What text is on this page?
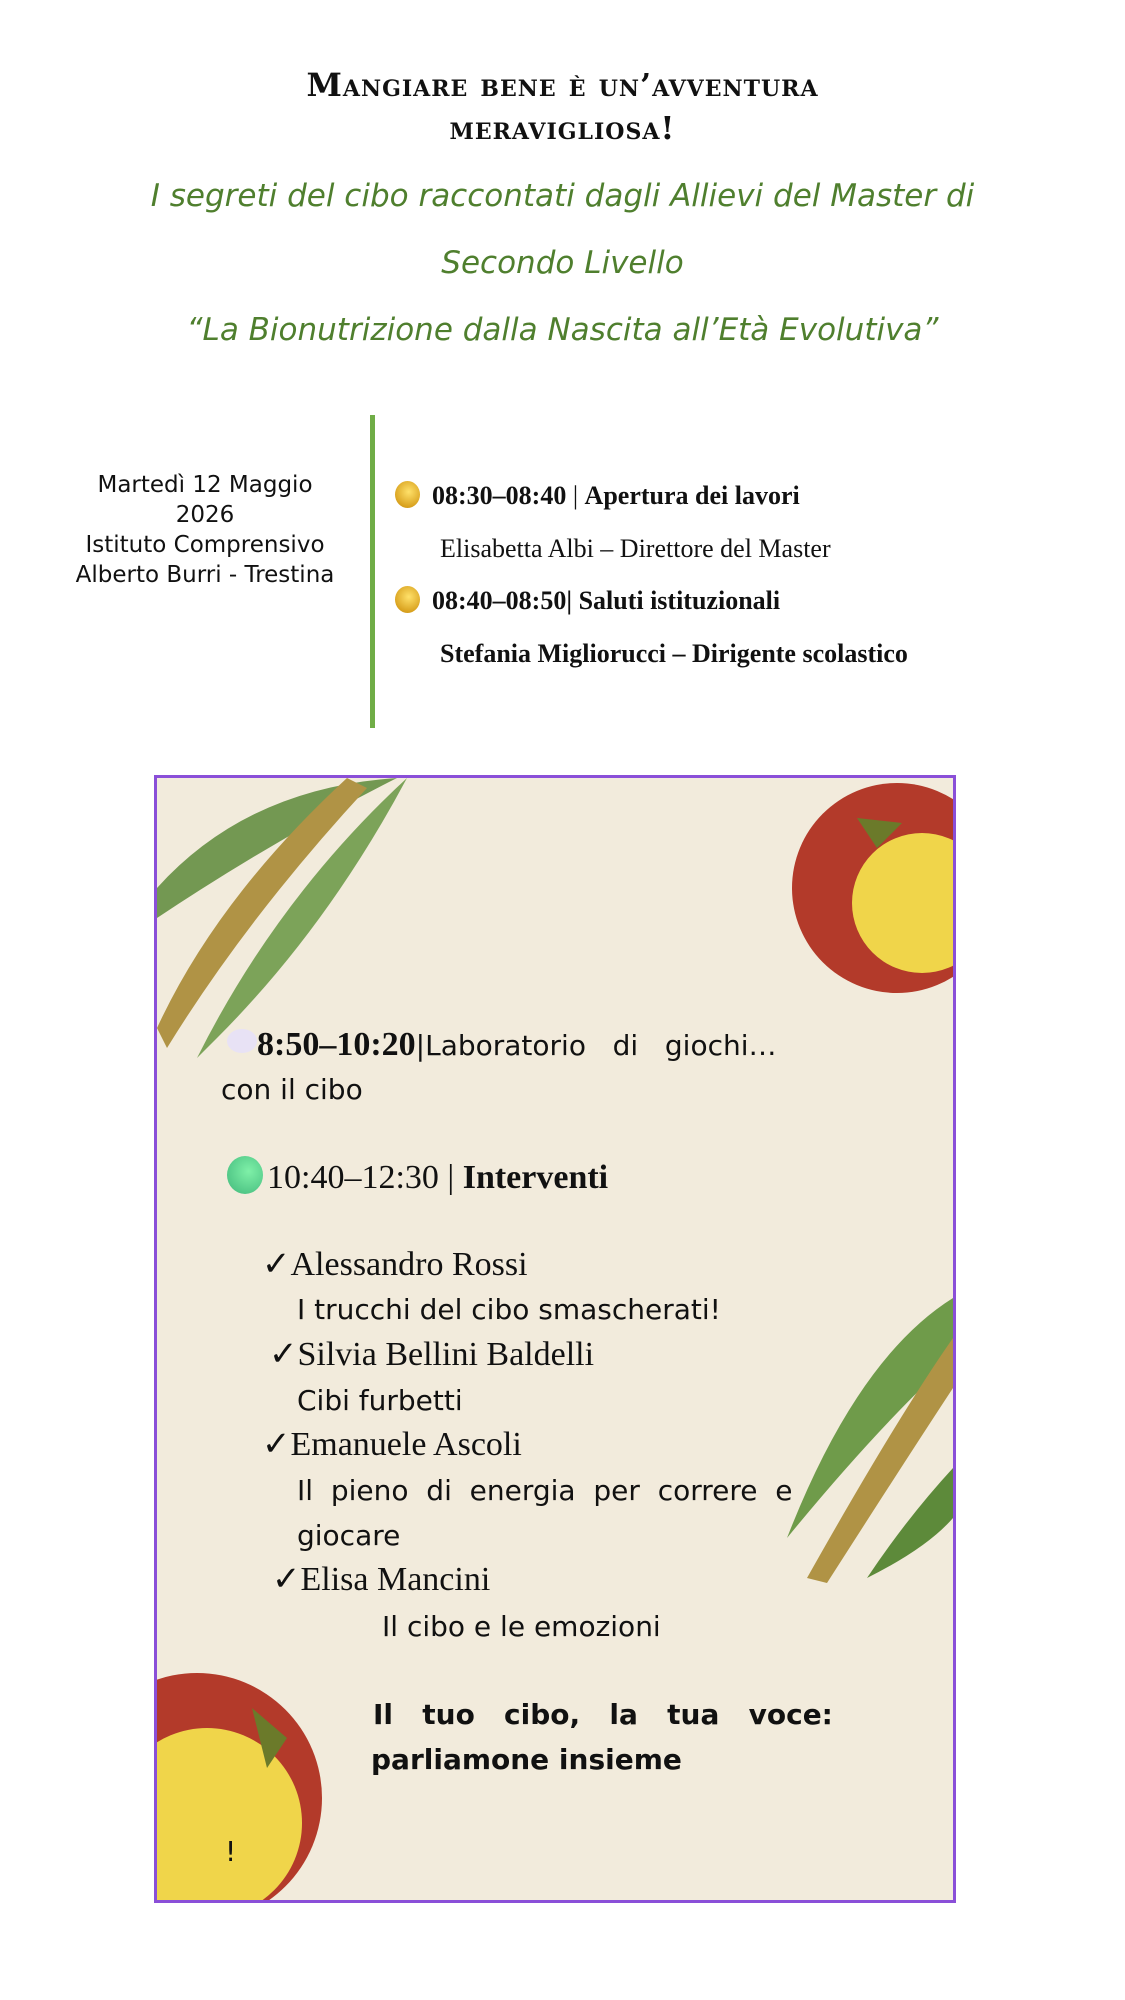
Mangiare bene è un’avventura
meravigliosa!
I segreti del cibo raccontati dagli Allievi del Master di
Secondo Livello
“La Bionutrizione dalla Nascita all’Età Evolutiva”
Martedì 12 Maggio
2026
Istituto Comprensivo
Alberto Burri - Trestina
08:30–08:40 | Apertura dei lavori
Elisabetta Albi – Direttore del Master
08:40–08:50| Saluti istituzionali
Stefania Migliorucci – Dirigente scolastico
8:50–10:20|Laboratorio   di   giochi…
con il cibo
10:40–12:30 | Interventi
✓Alessandro Rossi
I trucchi del cibo smascherati!
✓Silvia Bellini Baldelli
Cibi furbetti
✓Emanuele Ascoli
Il  pieno  di  energia  per  correre  e
giocare
✓Elisa Mancini
Il cibo e le emozioni
Il   tuo   cibo,   la   tua   voce:
parliamone insieme
!
